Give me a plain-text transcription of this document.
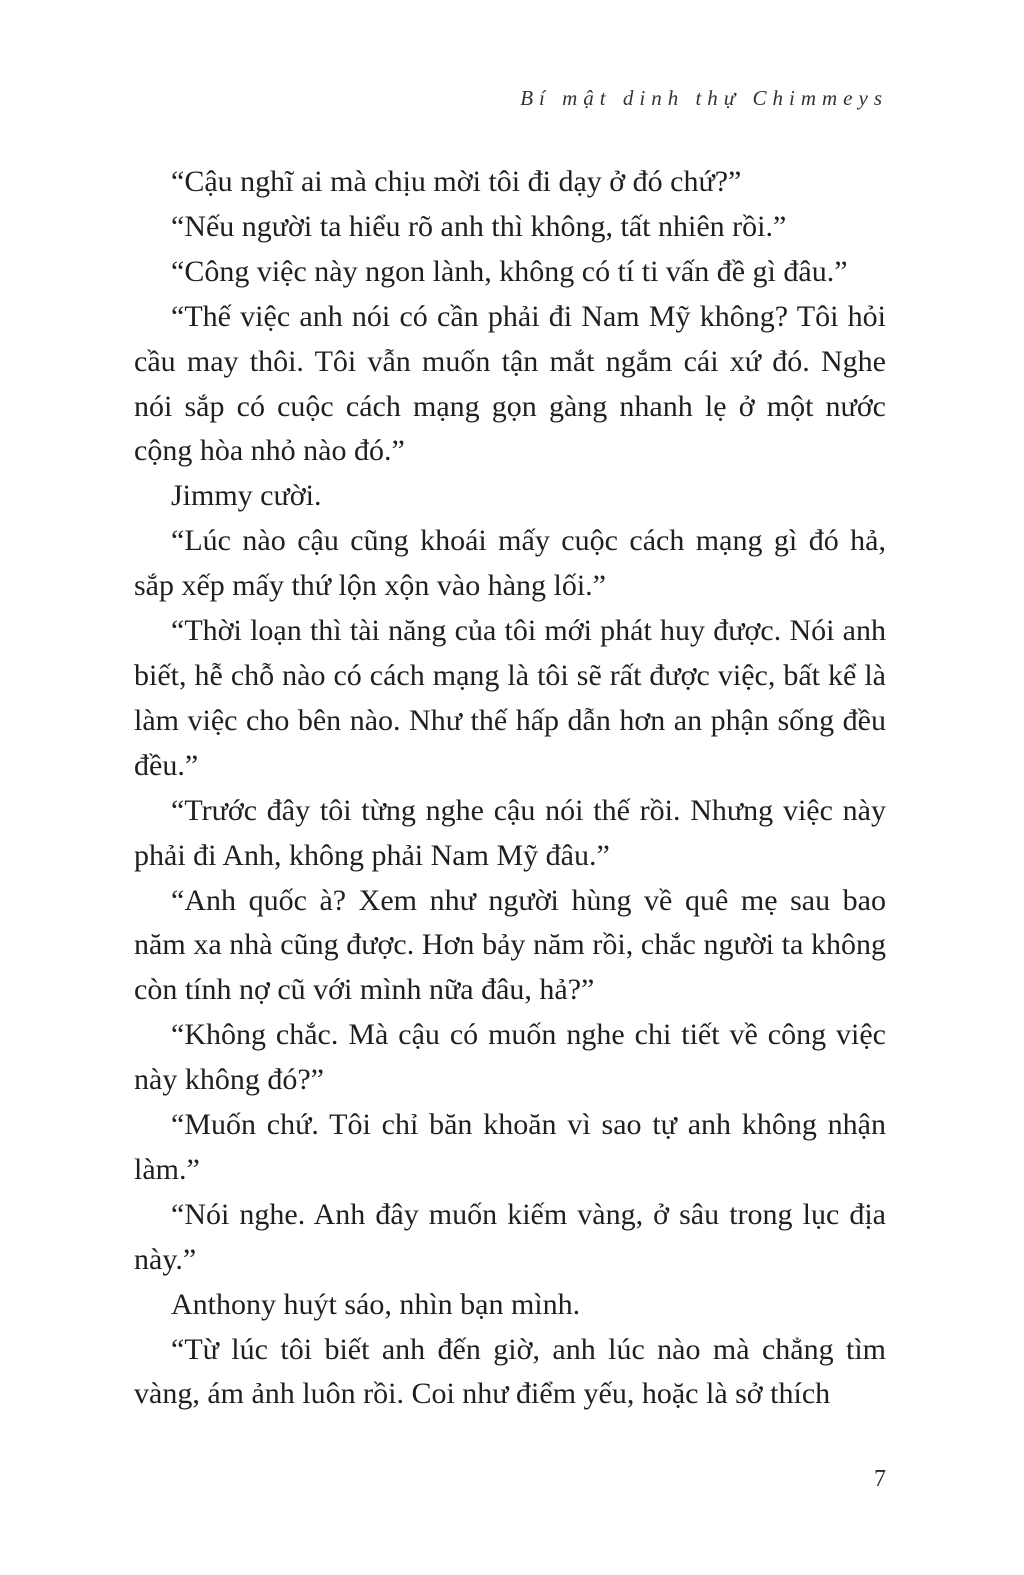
Bí mật dinh thự Chimmeys

“Cậu nghĩ ai mà chịu mời tôi đi dạy ở đó chứ?”

“Nếu người ta hiểu rõ anh thì không, tất nhiên rồi.”

“Công việc này ngon lành, không có tí ti vấn đề gì đâu.”

“Thế việc anh nói có cần phải đi Nam Mỹ không? Tôi hỏi cầu may thôi. Tôi vẫn muốn tận mắt ngắm cái xứ đó. Nghe nói sắp có cuộc cách mạng gọn gàng nhanh lẹ ở một nước cộng hòa nhỏ nào đó.”

Jimmy cười.

“Lúc nào cậu cũng khoái mấy cuộc cách mạng gì đó hả, sắp xếp mấy thứ lộn xộn vào hàng lối.”

“Thời loạn thì tài năng của tôi mới phát huy được. Nói anh biết, hễ chỗ nào có cách mạng là tôi sẽ rất được việc, bất kể là làm việc cho bên nào. Như thế hấp dẫn hơn an phận sống đều đều.”

“Trước đây tôi từng nghe cậu nói thế rồi. Nhưng việc này phải đi Anh, không phải Nam Mỹ đâu.”

“Anh quốc à? Xem như người hùng về quê mẹ sau bao năm xa nhà cũng được. Hơn bảy năm rồi, chắc người ta không còn tính nợ cũ với mình nữa đâu, hả?”

“Không chắc. Mà cậu có muốn nghe chi tiết về công việc này không đó?”

“Muốn chứ. Tôi chỉ băn khoăn vì sao tự anh không nhận làm.”

“Nói nghe. Anh đây muốn kiếm vàng, ở sâu trong lục địa này.”

Anthony huýt sáo, nhìn bạn mình.

“Từ lúc tôi biết anh đến giờ, anh lúc nào mà chẳng tìm vàng, ám ảnh luôn rồi. Coi như điểm yếu, hoặc là sở thích

7
